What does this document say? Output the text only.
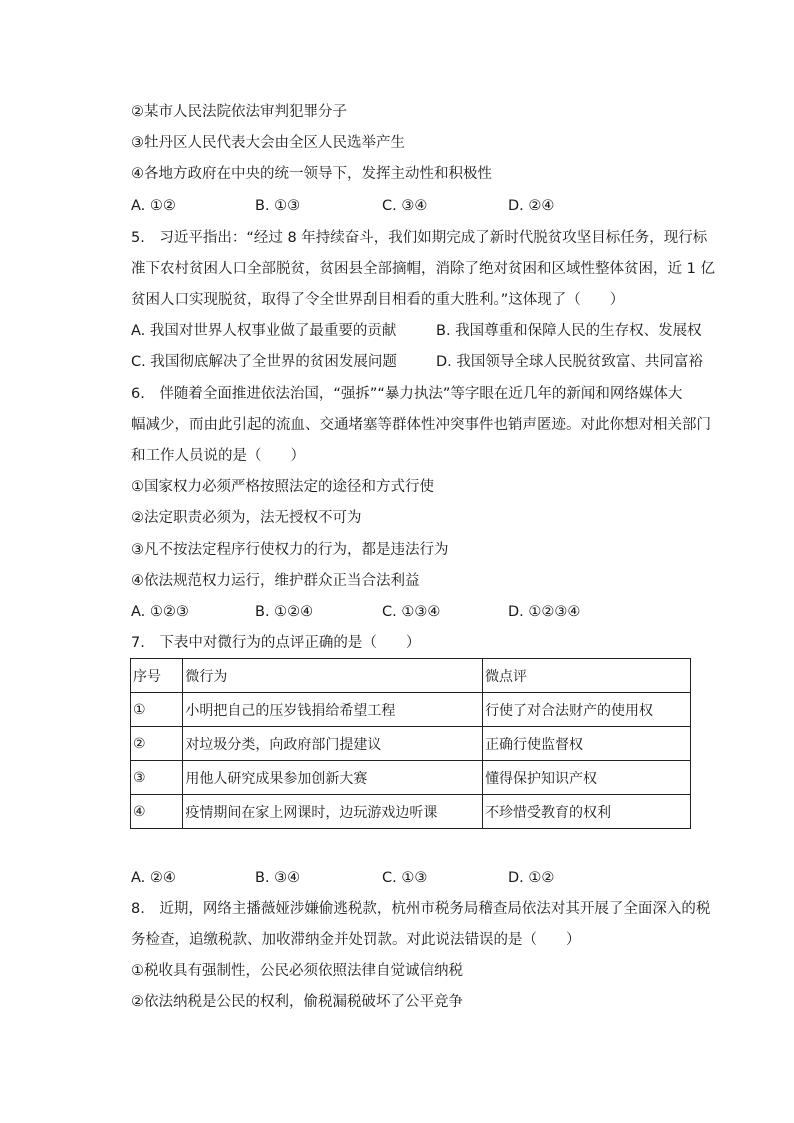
②某市人民法院依法审判犯罪分子
③牡丹区人民代表大会由全区人民选举产生
④各地方政府在中央的统一领导下，发挥主动性和积极性
A. ①②	B. ①③	C. ③④	D. ②④
5.　习近平指出：“经过 8 年持续奋斗，我们如期完成了新时代脱贫攻坚目标任务，现行标
准下农村贫困人口全部脱贫，贫困县全部摘帽，消除了绝对贫困和区域性整体贫困，近 1 亿
贫困人口实现脱贫，取得了令全世界刮目相看的重大胜利。”这体现了（　　）
A. 我国对世界人权事业做了最重要的贡献	B. 我国尊重和保障人民的生存权、发展权
C. 我国彻底解决了全世界的贫困发展问题	D. 我国领导全球人民脱贫致富、共同富裕
6.　伴随着全面推进依法治国，“强拆”“暴力执法”等字眼在近几年的新闻和网络媒体大
幅减少，而由此引起的流血、交通堵塞等群体性冲突事件也销声匿迹。对此你想对相关部门
和工作人员说的是（　　）
①国家权力必须严格按照法定的途径和方式行使
②法定职责必须为，法无授权不可为
③凡不按法定程序行使权力的行为，都是违法行为
④依法规范权力运行，维护群众正当合法利益
A. ①②③	B. ①②④	C. ①③④	D. ①②③④
7.　下表中对微行为的点评正确的是（　　）
序号	微行为	微点评
①	小明把自己的压岁钱捐给希望工程	行使了对合法财产的使用权
②	对垃圾分类，向政府部门提建议	正确行使监督权
③	用他人研究成果参加创新大赛	懂得保护知识产权
④	疫情期间在家上网课时，边玩游戏边听课	不珍惜受教育的权利
A. ②④	B. ③④	C. ①③	D. ①②
8.　近期，网络主播薇娅涉嫌偷逃税款，杭州市税务局稽查局依法对其开展了全面深入的税
务检查，追缴税款、加收滞纳金并处罚款。对此说法错误的是（　　）
①税收具有强制性，公民必须依照法律自觉诚信纳税
②依法纳税是公民的权利，偷税漏税破坏了公平竞争
